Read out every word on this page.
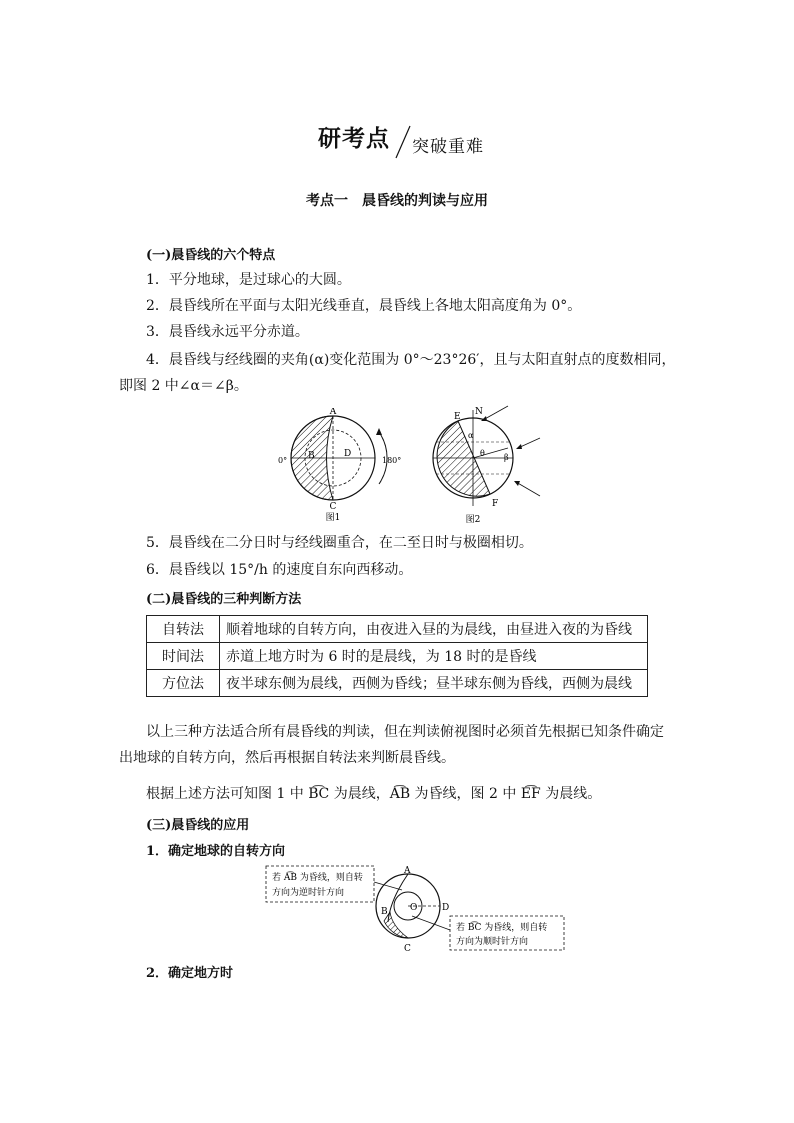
研考点 突破重难
考点一　晨昏线的判读与应用
(一)晨昏线的六个特点
1．平分地球，是过球心的大圆。
2．晨昏线所在平面与太阳光线垂直，晨昏线上各地太阳高度角为 0°。
3．晨昏线永远平分赤道。
4．晨昏线与经线圈的夹角(α)变化范围为 0°～23°26′，且与太阳直射点的度数相同，
即图 2 中∠α＝∠β。
A
B
C
D
0°	180°
图1
E N
F
α
θ β
图2
5．晨昏线在二分日时与经线圈重合，在二至日时与极圈相切。
6．晨昏线以 15°/h 的速度自东向西移动。
(二)晨昏线的三种判断方法
自转法	顺着地球的自转方向，由夜进入昼的为晨线，由昼进入夜的为昏线
时间法	赤道上地方时为 6 时的是晨线，为 18 时的是昏线
方位法	夜半球东侧为晨线，西侧为昏线；昼半球东侧为昏线，西侧为晨线
以上三种方法适合所有晨昏线的判读，但在判读俯视图时必须首先根据已知条件确定
出地球的自转方向，然后再根据自转法来判断晨昏线。
根据上述方法可知图 1 中 B͡C 为晨线，A͡B 为昏线，图 2 中 E͡F 为晨线。
(三)晨昏线的应用
1．确定地球的自转方向
若 A͡B 为昏线，则自转
方向为逆时针方向
若 B͡C 为昏线，则自转
方向为顺时针方向
A
B
C
D
O
2．确定地方时
